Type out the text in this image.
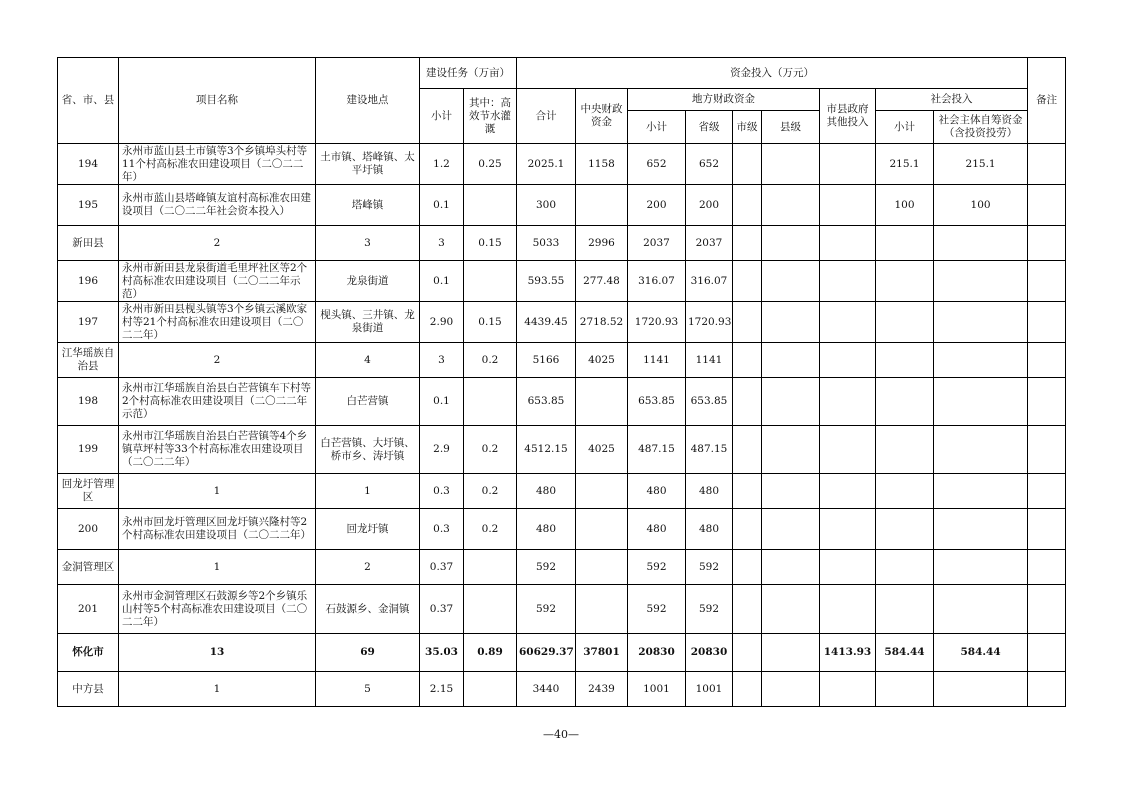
省、市、县	项目名称	建设地点	建设任务（万亩）		资金投入（万元）									备注
			小计	其中：高效节水灌溉	合计	中央财政资金	地方财政资金				市县政府其他投入	社会投入		
							小计	省级	市级	县级		小计	社会主体自筹资金（含投资投劳）	
194	永州市蓝山县土市镇等3个乡镇埠头村等11个村高标准农田建设项目（二〇二二年）	土市镇、塔峰镇、太平圩镇	1.2	0.25	2025.1	1158	652	652				215.1	215.1	
195	永州市蓝山县塔峰镇友谊村高标准农田建设项目（二〇二二年社会资本投入）	塔峰镇	0.1		300		200	200				100	100	
新田县	2	3	3	0.15	5033	2996	2037	2037						
196	永州市新田县龙泉街道毛里坪社区等2个村高标准农田建设项目（二〇二二年示范）	龙泉街道	0.1		593.55	277.48	316.07	316.07						
197	永州市新田县枧头镇等3个乡镇云溪欧家村等21个村高标准农田建设项目（二〇二二年）	枧头镇、三井镇、龙泉街道	2.90	0.15	4439.45	2718.52	1720.93	1720.93						
江华瑶族自治县	2	4	3	0.2	5166	4025	1141	1141						
198	永州市江华瑶族自治县白芒营镇车下村等2个村高标准农田建设项目（二〇二二年示范）	白芒营镇	0.1		653.85		653.85	653.85						
199	永州市江华瑶族自治县白芒营镇等4个乡镇草坪村等33个村高标准农田建设项目（二〇二二年）	白芒营镇、大圩镇、桥市乡、涛圩镇	2.9	0.2	4512.15	4025	487.15	487.15						
回龙圩管理区	1	1	0.3	0.2	480		480	480						
200	永州市回龙圩管理区回龙圩镇兴隆村等2个村高标准农田建设项目（二〇二二年）	回龙圩镇	0.3	0.2	480		480	480						
金洞管理区	1	2	0.37		592		592	592						
201	永州市金洞管理区石鼓源乡等2个乡镇乐山村等5个村高标准农田建设项目（二〇二二年）	石鼓源乡、金洞镇	0.37		592		592	592						
怀化市	13	69	35.03	0.89	60629.37	37801	20830	20830			1413.93	584.44	584.44	
中方县	1	5	2.15		3440	2439	1001	1001						
—40—
